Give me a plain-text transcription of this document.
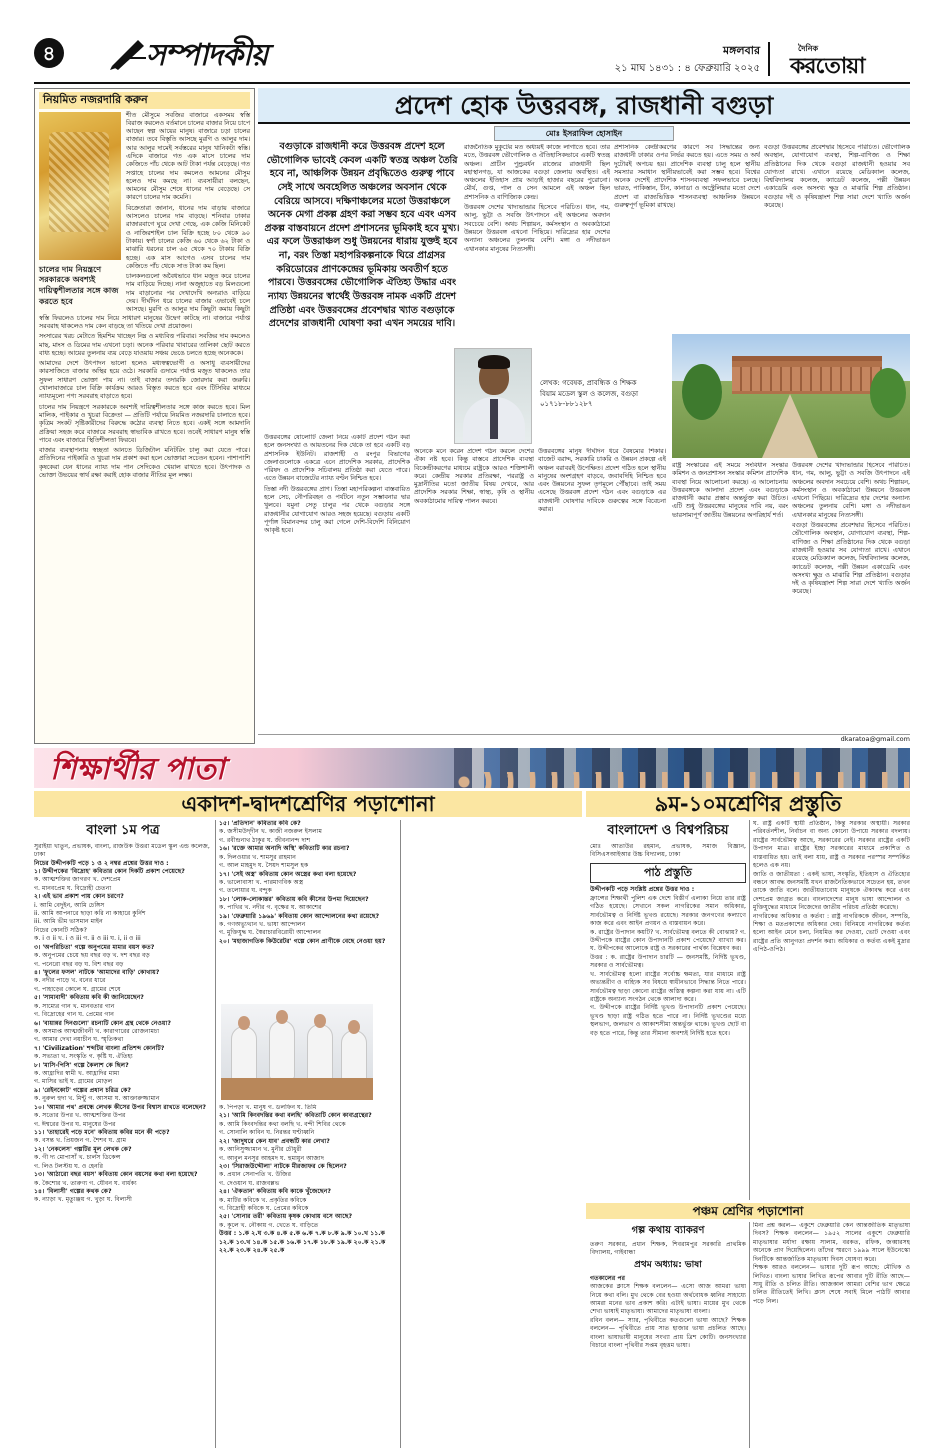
৪	সম্পাদকীয়	মঙ্গলবার
২১ মাঘ ১৪৩১ : ৪ ফেব্রুয়ারি ২০২৫
দৈনিক
করতোয়া
নিয়মিত নজরদারি করুন

শীত মৌসুমে সবজির বাজারে একসময় স্বস্তি বিরাজ করলেও বর্তমানে চালের বাজার নিয়ে চাপে আছেন স্বল্প আয়ের মানুষ। বাজারে চড়া চালের বাজার। তবে বিস্তৃতি আসছে মুরগি ও আলুর দাম। আর আলুর দামেই সর্বস্তরের মানুষ খানিকটা স্বস্তি। এদিকে বাজারে গত এক মাসে চালের দাম কেজিতে পাঁচ থেকে আট টাকা পর্যন্ত বেড়েছে। গত সপ্তাহে চালের দাম কমলেও আমনের মৌসুম হলেও দাম কমছে না। ব্যবসায়ীরা বলছেন, আমনের মৌসুম শেষে ধানের দাম বেড়েছে। সে কারণে চালের দাম কমেনি।

চালের দাম নিয়ন্ত্রণে সরকারকে অবশ্যই দায়িত্বশীলতার সঙ্গে কাজ করতে হবে

বিক্রেতারা জানান, ধানের দাম বাড়ায় বাজারে আসলেও চালের দাম বাড়ছে। শনিবার ঢাকার রাজারবাগে ঘুরে দেখা গেছে, এক কেজি মিনিকেট ও নাজিরশাইল চাল বিক্রি হচ্ছে ৮০ থেকে ৯০ টাকায়। স্বর্ণা চালের কেজি ৬০ থেকে ৬২ টাকা ও মাঝারি ধরনের চাল ৬৫ থেকে ৭০ টাকায় বিক্রি হচ্ছে। এক মাস আগেও এসব চালের দাম কেজিতে পাঁচ থেকে সাত টাকা কম ছিল।

চালকলগুলো অবৈধভাবে ধান মজুত করে চালের দাম বাড়িয়ে দিচ্ছে। নানা অজুহাতে বড় মিলগুলো দাম বাড়ানোর পর দেখাদেখি অন্যরাও বাড়িয়ে দেয়। দীর্ঘদিন ধরে চালের বাজার এভাবেই চলে আসছে। মুরগি ও আলুর দাম কিছুটা কমায় কিছুটা স্বস্তি ফিরলেও চালের দাম নিয়ে সাধারণ মানুষের উদ্বেগ কাটছে না। বাজারে পর্যাপ্ত সরবরাহ থাকলেও দাম কেন বাড়ছে তা খতিয়ে দেখা প্রয়োজন।

সংসারের খরচ মেটাতে হিমশিম খাচ্ছেন নিম্ন ও মধ্যবিত্ত পরিবার। সবজির দাম কমলেও মাছ, মাংস ও ডিমের দাম এখনো চড়া। অনেক পরিবার খাবারের তালিকা ছোট করতে বাধ্য হচ্ছে। আয়ের তুলনায় ব্যয় বেড়ে যাওয়ায় সঞ্চয় ভেঙে চলতে হচ্ছে অনেককে।

আমাদের দেশে উৎপাদন ভালো হলেও মধ্যস্বত্বভোগী ও অসাধু ব্যবসায়ীদের কারসাজিতে বাজার অস্থির হয়ে ওঠে। সরকারি গুদামে পর্যাপ্ত মজুত থাকলেও তার সুফল সাধারণ ভোক্তা পায় না। তাই বাজার তদারকি জোরদার করা জরুরি। খোলাবাজারে চাল বিক্রি কার্যক্রম আরও বিস্তৃত করতে হবে এবং টিসিবির মাধ্যমে ন্যায্যমূল্যে পণ্য সরবরাহ বাড়াতে হবে।

চালের দাম নিয়ন্ত্রণে সরকারকে অবশ্যই দায়িত্বশীলতার সঙ্গে কাজ করতে হবে। মিল মালিক, পাইকার ও খুচরা বিক্রেতা — প্রতিটি পর্যায়ে নিয়মিত নজরদারি চালাতে হবে। কৃত্রিম সংকট সৃষ্টিকারীদের বিরুদ্ধে কঠোর ব্যবস্থা নিতে হবে। একই সঙ্গে আমদানি প্রক্রিয়া সহজ করে বাজারে সরবরাহ স্বাভাবিক রাখতে হবে। তবেই সাধারণ মানুষ স্বস্তি পাবে এবং বাজারে স্থিতিশীলতা ফিরবে।

বাজার ব্যবস্থাপনায় স্বচ্ছতা আনতে ডিজিটাল মনিটরিং চালু করা যেতে পারে। প্রতিদিনের পাইকারি ও খুচরা দাম প্রকাশ করা হলে ভোক্তারা সচেতন হবেন। পাশাপাশি কৃষকেরা যেন ধানের ন্যায্য দাম পান সেদিকেও খেয়াল রাখতে হবে। উৎপাদক ও ভোক্তা উভয়ের স্বার্থ রক্ষা করাই হোক বাজার নীতির মূল লক্ষ্য।

প্রদেশ হোক উত্তরবঙ্গ, রাজধানী বগুড়া
মোঃ ইসরাফিল হোসাইন
বগুড়াকে রাজধানী করে উত্তরবঙ্গ প্রদেশ হলে ভৌগোলিক ভাবেই কেবল একটি স্বতন্ত্র অঞ্চল তৈরি হবে না, আঞ্চলিক উন্নয়ন প্রবৃদ্ধিতেও গুরুত্ব পাবে সেই সাথে অবহেলিত অঞ্চলের অবসান থেকে বেরিয়ে আসবে। দক্ষিণাঞ্চলের মতো উত্তরাঞ্চলে অনেক মেগা প্রকল্প গ্রহণ করা সম্ভব হবে এবং এসব প্রকল্প বাস্তবায়নে প্রদেশ প্রশাসনের ভূমিকাই হবে মুখ্য। এর ফলে উত্তরাঞ্চল শুধু উন্নয়নের ধারায় যুক্তই হবে না, বরং তিস্তা মহাপরিকল্পনাকে ঘিরে প্রাগ্রসর করিডোরের প্রাণকেন্দ্রের ভূমিকায় অবতীর্ণ হতে পারবে। উত্তরবঙ্গের ভৌগোলিক ঐতিহ্য উদ্ধার এবং ন্যায্য উন্নয়নের স্বার্থেই উত্তরবঙ্গ নামক একটি প্রদেশ প্রতিষ্ঠা এবং উত্তরবঙ্গের প্রবেশদ্বার খ্যাত বগুড়াকে প্রদেশের রাজধানী ঘোষণা করা এখন সময়ের দাবি।

রাজনৈতিক মুকুটের মত অধ্যয়ই কাজে লাগাতে হবে। তার মতে, উত্তরবঙ্গ ভৌগোলিক ও ঐতিহাসিকভাবে একটি স্বতন্ত্র অঞ্চল। প্রাচীন পুণ্ড্রবর্ধন রাজ্যের রাজধানী ছিল মহাস্থানগড়, যা আজকের বগুড়া জেলায় অবস্থিত। এই অঞ্চলের ইতিহাস প্রায় আড়াই হাজার বছরের পুরোনো। মৌর্য, গুপ্ত, পাল ও সেন আমলে এই অঞ্চল ছিল প্রশাসনিক ও বাণিজ্যিক কেন্দ্র।

উত্তরবঙ্গ দেশের খাদ্যভান্ডার হিসেবে পরিচিত। ধান, গম, আলু, ভুট্টা ও সবজি উৎপাদনে এই অঞ্চলের অবদান সবচেয়ে বেশি। অথচ শিল্পায়ন, কর্মসংস্থান ও অবকাঠামো উন্নয়নে উত্তরবঙ্গ এখনো পিছিয়ে। দারিদ্র্যের হার দেশের অন্যান্য অঞ্চলের তুলনায় বেশি। মঙ্গা ও নদীভাঙন এখানকার মানুষের নিত্যসঙ্গী।

প্রশাসনিক কেন্দ্রীকরণের কারণে সব সিদ্ধান্তের জন্য রাজধানী ঢাকার ওপর নির্ভর করতে হয়। এতে সময় ও অর্থ দুটোরই অপচয় হয়। প্রাদেশিক ব্যবস্থা চালু হলে স্থানীয় সমস্যার সমাধান স্থানীয়ভাবেই করা সম্ভব হবে। বিশ্বের অনেক দেশেই প্রাদেশিক শাসনব্যবস্থা সফলভাবে চলছে। ভারত, পাকিস্তান, চীন, কানাডা ও অস্ট্রেলিয়ার মতো দেশে প্রদেশ বা রাজ্যভিত্তিক শাসনব্যবস্থা আঞ্চলিক উন্নয়নে গুরুত্বপূর্ণ ভূমিকা রাখছে।

বগুড়া উত্তরবঙ্গের প্রবেশদ্বার হিসেবে পরিচিত। ভৌগোলিক অবস্থান, যোগাযোগ ব্যবস্থা, শিল্প-বাণিজ্য ও শিক্ষা প্রতিষ্ঠানের দিক থেকে বগুড়া রাজধানী হওয়ার সব যোগ্যতা রাখে। এখানে রয়েছে মেডিক্যাল কলেজ, বিশ্ববিদ্যালয় কলেজ, ক্যাডেট কলেজ, পল্লী উন্নয়ন একাডেমি এবং অসংখ্য ক্ষুদ্র ও মাঝারি শিল্প প্রতিষ্ঠান। বগুড়ার দই ও কৃষিযন্ত্রাংশ শিল্প সারা দেশে খ্যাতি অর্জন করেছে।

লেখক: গবেষক, প্রাবন্ধিক ও শিক্ষক
বিয়াম মডেল স্কুল ও কলেজ, বগুড়া
০১৭১৮-৮৮১২৮৭

উত্তরবঙ্গের ষোলোটি জেলা নিয়ে একটি প্রদেশ গঠন করা হলে জনসংখ্যা ও আয়তনের দিক থেকে তা হবে একটি বড় প্রশাসনিক ইউনিট। রাজশাহী ও রংপুর বিভাগের জেলাগুলোকে একত্রে এনে প্রাদেশিক সরকার, প্রাদেশিক পরিষদ ও প্রাদেশিক সচিবালয় প্রতিষ্ঠা করা যেতে পারে। এতে উন্নয়ন বাজেটের ন্যায্য বণ্টন নিশ্চিত হবে।

তিস্তা নদী উত্তরবঙ্গের প্রাণ। তিস্তা মহাপরিকল্পনা বাস্তবায়িত হলে সেচ, নৌপরিবহন ও পর্যটনে নতুন সম্ভাবনার দ্বার খুলবে। যমুনা সেতু চালুর পর থেকে বগুড়ার সঙ্গে রাজধানীর যোগাযোগ আরও সহজ হয়েছে। বগুড়ায় একটি পূর্ণাঙ্গ বিমানবন্দর চালু করা গেলে দেশি-বিদেশি বিনিয়োগ আকৃষ্ট হবে।

অনেকে মনে করেন প্রদেশ গঠন করলে দেশের ঐক্য নষ্ট হবে। কিন্তু বাস্তবে প্রাদেশিক ব্যবস্থা বিকেন্দ্রীকরণের মাধ্যমে রাষ্ট্রকে আরও শক্তিশালী করে। কেন্দ্রীয় সরকার প্রতিরক্ষা, পররাষ্ট্র ও মুদ্রানীতির মতো জাতীয় বিষয় দেখবে, আর প্রাদেশিক সরকার শিক্ষা, স্বাস্থ্য, কৃষি ও স্থানীয় অবকাঠামোর দায়িত্ব পালন করবে।

উত্তরবঙ্গের মানুষ দীর্ঘদিন ধরে বৈষম্যের শিকার। বাজেট বরাদ্দ, সরকারি চাকরি ও উন্নয়ন প্রকল্পে এই অঞ্চল বরাবরই উপেক্ষিত। প্রদেশ গঠিত হলে স্থানীয় মানুষের অংশগ্রহণ বাড়বে, জবাবদিহি নিশ্চিত হবে এবং উন্নয়নের সুফল তৃণমূলে পৌঁছাবে। তাই সময় এসেছে উত্তরবঙ্গ প্রদেশ গঠন এবং বগুড়াকে এর রাজধানী ঘোষণার দাবিকে গুরুত্বের সঙ্গে বিবেচনা করার।

রাষ্ট্র সংস্কারের এই সময়ে সংবিধান সংস্কার কমিশন ও জনপ্রশাসন সংস্কার কমিশন প্রাদেশিক ব্যবস্থা নিয়ে আলোচনা করছে। এ আলোচনায় উত্তরবঙ্গকে আলাদা প্রদেশ এবং বগুড়াকে রাজধানী করার প্রস্তাব অন্তর্ভুক্ত করা উচিত। এটি শুধু উত্তরবঙ্গের মানুষের দাবি নয়, বরং ভারসাম্যপূর্ণ জাতীয় উন্নয়নের অপরিহার্য শর্ত।

উত্তরবঙ্গ দেশের খাদ্যভান্ডার হিসেবে পরিচিত। ধান, গম, আলু, ভুট্টা ও সবজি উৎপাদনে এই অঞ্চলের অবদান সবচেয়ে বেশি। অথচ শিল্পায়ন, কর্মসংস্থান ও অবকাঠামো উন্নয়নে উত্তরবঙ্গ এখনো পিছিয়ে। দারিদ্র্যের হার দেশের অন্যান্য অঞ্চলের তুলনায় বেশি। মঙ্গা ও নদীভাঙন এখানকার মানুষের নিত্যসঙ্গী।

বগুড়া উত্তরবঙ্গের প্রবেশদ্বার হিসেবে পরিচিত। ভৌগোলিক অবস্থান, যোগাযোগ ব্যবস্থা, শিল্প-বাণিজ্য ও শিক্ষা প্রতিষ্ঠানের দিক থেকে বগুড়া রাজধানী হওয়ার সব যোগ্যতা রাখে। এখানে রয়েছে মেডিক্যাল কলেজ, বিশ্ববিদ্যালয় কলেজ, ক্যাডেট কলেজ, পল্লী উন্নয়ন একাডেমি এবং অসংখ্য ক্ষুদ্র ও মাঝারি শিল্প প্রতিষ্ঠান। বগুড়ার দই ও কৃষিযন্ত্রাংশ শিল্প সারা দেশে খ্যাতি অর্জন করেছে।

dkaratoa@gmail.com
শিক্ষার্থীর পাতা
একাদশ-দ্বাদশশ্রেণির পড়াশোনা	৯ম-১০মশ্রেণির প্রস্তুতি
বাংলা ১ম পত্র
সুরাইয়া খাতুন, প্রভাষক, বাংলা, রাজউক উত্তরা মডেল স্কুল এন্ড কলেজ, ঢাকা
নিচের উদ্দীপকটি পড়ে ১ ও ২ নম্বর প্রশ্নের উত্তর দাও :
১। উদ্দীপকের 'বিদ্রোহ' কবিতার কোন দিকটি প্রকাশ পেয়েছে?
ক. আত্মশক্তির জাগরণ খ. দেশপ্রেম
গ. মানবপ্রেম ঘ. বিদ্রোহী চেতনা
২। এই ভাব প্রকাশ পায় কোন চরণে?
i. আমি বেদুইন, আমি চেঙ্গিস
ii. আমি আপনারে ছাড়া করি না কাহারে কুর্নিশ
iii. আমি ভীম ভাসমান মাইন
নিচের কোনটি সঠিক?
ক. i ও ii খ. i ও iii গ. ii ও iii ঘ. i, ii ও iii
৩। 'অপরিচিতা' গল্পে অনুপমের মামার বয়স কত?
ক. অনুপমের চেয়ে ছয় বছর বড় খ. দশ বছর বড়
গ. পনেরো বছর বড় ঘ. বিশ বছর বড়
৪। 'ফুলের ফসল' নাটকে 'আমাদের বাড়ি' কোথায়?
ক. নদীর পাড়ে খ. বনের ধারে
গ. পাহাড়ের কোলে ঘ. গ্রামের শেষে
৫। 'সাম্যবাদী' কবিতায় কবি কী জানিয়েছেন?
ক. সাম্যের গান খ. মানবতার গান
গ. বিদ্রোহের গান ঘ. প্রেমের গান
৬। 'বায়ান্নর দিনগুলো' রচনাটি কোন গ্রন্থ থেকে নেওয়া?
ক. অসমাপ্ত আত্মজীবনী খ. কারাগারের রোজনামচা
গ. আমার দেখা নয়াচীন ঘ. স্মৃতিকথা
৭। 'Civilization' শব্দটির বাংলা প্রতিশব্দ কোনটি?
ক. সভ্যতা খ. সংস্কৃতি গ. কৃষ্টি ঘ. ঐতিহ্য
৮। 'মাসি-পিসি' গল্পে কৈলাশ কে ছিল?
ক. আহ্লাদির স্বামী খ. আহ্লাদির মামা
গ. মাসির ভাই ঘ. গ্রামের মোড়ল
৯। 'রেইনকোট' গল্পের প্রধান চরিত্র কে?
ক. নুরুল হুদা খ. মিন্টু গ. আসমা ঘ. আক্তারুজ্জামান
১০। 'আমার পথ' প্রবন্ধে লেখক কীসের উপর বিশ্বাস রাখতে বলেছেন?
ক. সত্যের উপর খ. আত্মশক্তির উপর
গ. ঈশ্বরের উপর ঘ. মানুষের উপর
১১। 'তাহারেই পড়ে মনে' কবিতায় কবির মনে কী পড়ে?
ক. বসন্ত খ. প্রিয়জন গ. শৈশব ঘ. গ্রাম
১২। 'নেকলেস' গল্পটির মূল লেখক কে?
ক. গী দ্য মোপাসাঁ খ. চার্লস ডিকেন্স
গ. লিও টলস্টয় ঘ. ও হেনরি
১৩। 'আঠারো বছর বয়স' কবিতায় কোন বয়সের কথা বলা হয়েছে?
ক. কৈশোর খ. তারুণ্য গ. যৌবন ঘ. বার্ধক্য
১৪। 'বিলাসী' গল্পের কথক কে?
ক. ন্যাড়া খ. মৃত্যুঞ্জয় গ. খুড়া ঘ. বিলাসী
১৫। 'প্রতিদান' কবিতার কবি কে?
ক. জসীমউদ্‌দীন খ. কাজী নজরুল ইসলাম
গ. রবীন্দ্রনাথ ঠাকুর ঘ. জীবনানন্দ দাশ
১৬। 'রক্তে আমার অনাদি অস্থি' কবিতাটি কার রচনা?
ক. দিলওয়ার খ. শামসুর রাহমান
গ. আল মাহমুদ ঘ. সৈয়দ শামসুল হক
১৭। 'সেই অস্ত্র' কবিতায় কোন অস্ত্রের কথা বলা হয়েছে?
ক. ভালোবাসা খ. পারমাণবিক অস্ত্র
গ. তলোয়ার ঘ. বন্দুক
১৮। 'লোক-লোকান্তর' কবিতায় কবি কীসের উপমা দিয়েছেন?
ক. পাখির খ. নদীর গ. বৃক্ষের ঘ. আকাশের
১৯। 'ফেব্রুয়ারি ১৯৬৯' কবিতায় কোন আন্দোলনের কথা রয়েছে?
ক. গণঅভ্যুত্থান খ. ভাষা আন্দোলন
গ. মুক্তিযুদ্ধ ঘ. স্বৈরাচারবিরোধী আন্দোলন
২০। 'মহাজাগতিক কিউরেটর' গল্পে কোন প্রাণীকে বেছে নেওয়া হয়?
ক. পিঁপড়া খ. মানুষ গ. ডলফিন ঘ. তিমি
২১। 'আমি কিংবদন্তির কথা বলছি' কবিতাটি কোন কাব্যগ্রন্থের?
ক. আমি কিংবদন্তির কথা বলছি খ. বন্দী শিবির থেকে
গ. সোনালি কাবিন ঘ. নিরন্তর ঘণ্টাধ্বনি
২২। 'জাদুঘরে কেন যাব' প্রবন্ধটি কার লেখা?
ক. আনিসুজ্জামান খ. মুনীর চৌধুরী
গ. আবুল মনসুর আহমদ ঘ. হুমায়ুন আজাদ
২৩। 'সিরাজউদ্দৌলা' নাটকে মীরজাফর কে ছিলেন?
ক. প্রধান সেনাপতি খ. উজির
গ. দেওয়ান ঘ. রাজবল্লভ
২৪। 'ঐকতান' কবিতায় কবি কাকে খুঁজেছেন?
ক. মাটির কবিকে খ. প্রকৃতির কবিকে
গ. বিদ্রোহী কবিকে ঘ. প্রেমের কবিকে
২৫। 'সোনার তরী' কবিতায় কৃষক কোথায় বসে আছে?
ক. কূলে খ. নৌকায় গ. খেতে ঘ. বাড়িতে
উত্তর : ১.ক ২.ঘ ৩.ক ৪.ক ৫.ক ৬.ক ৭.ক ৮.ক ৯.ক ১০.খ ১১.ক ১২.ক ১৩.খ ১৪.ক ১৫.ক ১৬.ক ১৭.ক ১৮.ক ১৯.ক ২০.ক ২১.ক ২২.ক ২৩.ক ২৪.ক ২৫.ক
বাংলাদেশ ও বিশ্বপরিচয়
মোঃ আতাউর রহমান, প্রভাষক, সমাজ বিজ্ঞান, বিসিএসআইআর উচ্চ বিদ্যালয়, ঢাকা
পাঠ প্রস্তুতি
উদ্দীপকটি পড়ে সংশ্লিষ্ট প্রশ্নের উত্তর দাও :

ফ্রান্সের শিক্ষার্থী পুলিশ এক দেশে বিস্তীর্ণ এলাকা নিয়ে তার রাষ্ট্র গঠিত হয়েছে। সেখানে সকল নাগরিকের সমান অধিকার, সার্বভৌমত্ব ও নির্দিষ্ট ভূখণ্ড রয়েছে। সরকার জনগণের কল্যাণে কাজ করে এবং আইন প্রণয়ন ও বাস্তবায়ন করে।

ক. রাষ্ট্রের উপাদান কয়টি? খ. সার্বভৌমত্ব বলতে কী বোঝায়? গ. উদ্দীপকে রাষ্ট্রের কোন উপাদানটি প্রকাশ পেয়েছে? ব্যাখ্যা কর। ঘ. উদ্দীপকের আলোকে রাষ্ট্র ও সরকারের পার্থক্য বিশ্লেষণ কর।

উত্তর : ক. রাষ্ট্রের উপাদান চারটি — জনসমষ্টি, নির্দিষ্ট ভূখণ্ড, সরকার ও সার্বভৌমত্ব।

খ. সার্বভৌমত্ব হলো রাষ্ট্রের সর্বোচ্চ ক্ষমতা, যার মাধ্যমে রাষ্ট্র অভ্যন্তরীণ ও বাহ্যিক সব বিষয়ে স্বাধীনভাবে সিদ্ধান্ত নিতে পারে। সার্বভৌমত্ব ছাড়া কোনো রাষ্ট্রের অস্তিত্ব কল্পনা করা যায় না। এটি রাষ্ট্রকে অন্যান্য সংগঠন থেকে আলাদা করে।

গ. উদ্দীপকে রাষ্ট্রের নির্দিষ্ট ভূখণ্ড উপাদানটি প্রকাশ পেয়েছে। ভূখণ্ড ছাড়া রাষ্ট্র গঠিত হতে পারে না। নির্দিষ্ট ভূখণ্ডের মধ্যে স্থলভাগ, জলভাগ ও আকাশসীমা অন্তর্ভুক্ত থাকে। ভূখণ্ড ছোট বা বড় হতে পারে, কিন্তু তার সীমানা অবশ্যই নির্দিষ্ট হতে হবে।

ঘ. রাষ্ট্র একটি স্থায়ী প্রতিষ্ঠান, কিন্তু সরকার অস্থায়ী। সরকার পরিবর্তনশীল, নির্বাচন বা অন্য কোনো উপায়ে সরকার বদলায়। রাষ্ট্রের সার্বভৌমত্ব আছে, সরকারের নেই। সরকার রাষ্ট্রের একটি উপাদান মাত্র। রাষ্ট্রের ইচ্ছা সরকারের মাধ্যমে প্রকাশিত ও বাস্তবায়িত হয়। তাই বলা যায়, রাষ্ট্র ও সরকার পরস্পর সম্পর্কিত হলেও এক নয়।

জাতি ও জাতীয়তা : একই ভাষা, সংস্কৃতি, ইতিহাস ও ঐতিহ্যের বন্ধনে আবদ্ধ জনসমষ্টি যখন রাজনৈতিকভাবে সচেতন হয়, তখন তাকে জাতি বলে। জাতীয়তাবোধ মানুষকে ঐক্যবদ্ধ করে এবং দেশপ্রেম জাগ্রত করে। বাংলাদেশের মানুষ ভাষা আন্দোলন ও মুক্তিযুদ্ধের মাধ্যমে নিজেদের জাতীয় পরিচয় প্রতিষ্ঠা করেছে।

নাগরিকের অধিকার ও কর্তব্য : রাষ্ট্র নাগরিককে জীবন, সম্পত্তি, শিক্ষা ও মতপ্রকাশের অধিকার দেয়। বিনিময়ে নাগরিকের কর্তব্য হলো আইন মেনে চলা, নিয়মিত কর দেওয়া, ভোট দেওয়া এবং রাষ্ট্রের প্রতি আনুগত্য প্রদর্শন করা। অধিকার ও কর্তব্য একই মুদ্রার এপিঠ-ওপিঠ।

পঞ্চম শ্রেণির পড়াশোনা
গল্প কথায় ব্যাকরণ
তরুণ সরকার, প্রধান শিক্ষক, শিবরামপুর সরকারি প্রাথমিক বিদ্যালয়, গাইবান্ধা
প্রথম অধ্যায়: ভাষা
গতকালের পর

আজকের ক্লাসে শিক্ষক বললেন— এসো আজ আমরা ভাষা নিয়ে কথা বলি। মুখ থেকে বের হওয়া অর্থবোধক ধ্বনির সাহায্যে আমরা মনের ভাব প্রকাশ করি। এটাই ভাষা। মায়ের মুখ থেকে শেখা ভাষাই মাতৃভাষা। আমাদের মাতৃভাষা বাংলা।

রবিন বলল— স্যার, পৃথিবীতে কতগুলো ভাষা আছে? শিক্ষক বললেন— পৃথিবীতে প্রায় সাত হাজার ভাষা প্রচলিত আছে। বাংলা ভাষাভাষী মানুষের সংখ্যা প্রায় ত্রিশ কোটি। জনসংখ্যার বিচারে বাংলা পৃথিবীর সপ্তম বৃহত্তম ভাষা।

মিনা প্রশ্ন করল— একুশে ফেব্রুয়ারি কেন আন্তর্জাতিক মাতৃভাষা দিবস? শিক্ষক বললেন— ১৯৫২ সালের একুশে ফেব্রুয়ারি মাতৃভাষার মর্যাদা রক্ষায় সালাম, বরকত, রফিক, জব্বারসহ অনেকে প্রাণ দিয়েছিলেন। তাঁদের স্মরণে ১৯৯৯ সালে ইউনেস্কো দিনটিকে আন্তর্জাতিক মাতৃভাষা দিবস ঘোষণা করে।

শিক্ষক আরও বললেন— ভাষার দুটি রূপ আছে: মৌখিক ও লিখিত। বাংলা ভাষার লিখিত রূপের আবার দুটি রীতি আছে— সাধু রীতি ও চলিত রীতি। আজকাল আমরা বেশির ভাগ ক্ষেত্রে চলিত রীতিতেই লিখি। ক্লাস শেষে সবাই মিলে পাঠটি আবার পড়ে নিল।
